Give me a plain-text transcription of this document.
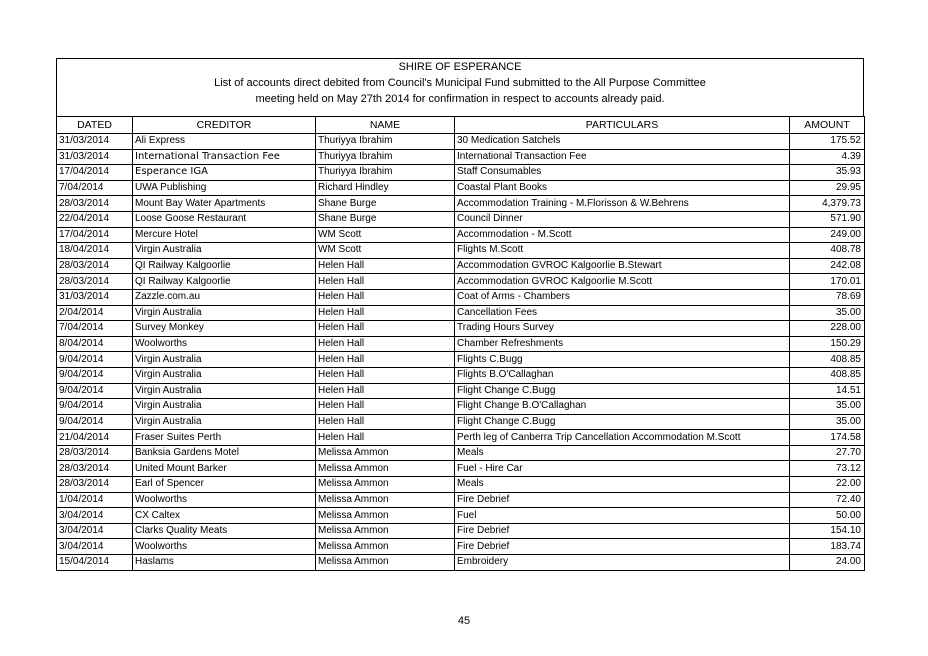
SHIRE OF ESPERANCE
List of accounts direct debited from Council's Municipal Fund submitted to the All Purpose Committee
meeting held on May 27th 2014 for confirmation in respect to accounts already paid.
DATED	CREDITOR	NAME	PARTICULARS	AMOUNT
31/03/2014	Ali Express	Thuriyya Ibrahim	30 Medication Satchels	175.52
31/03/2014	International Transaction Fee	Thuriyya Ibrahim	International Transaction Fee	4.39
17/04/2014	Esperance IGA	Thuriyya Ibrahim	Staff Consumables	35.93
7/04/2014	UWA Publishing	Richard Hindley	Coastal Plant Books	29.95
28/03/2014	Mount Bay Water Apartments	Shane Burge	Accommodation Training - M.Florisson & W.Behrens	4,379.73
22/04/2014	Loose Goose Restaurant	Shane Burge	Council Dinner	571.90
17/04/2014	Mercure Hotel	WM Scott	Accommodation - M.Scott	249.00
18/04/2014	Virgin Australia	WM Scott	Flights M.Scott	408.78
28/03/2014	QI Railway Kalgoorlie	Helen Hall	Accommodation GVROC Kalgoorlie B.Stewart	242.08
28/03/2014	QI Railway Kalgoorlie	Helen Hall	Accommodation GVROC Kalgoorlie M.Scott	170.01
31/03/2014	Zazzle.com.au	Helen Hall	Coat of Arms - Chambers	78.69
2/04/2014	Virgin Australia	Helen Hall	Cancellation Fees	35.00
7/04/2014	Survey Monkey	Helen Hall	Trading Hours Survey	228.00
8/04/2014	Woolworths	Helen Hall	Chamber Refreshments	150.29
9/04/2014	Virgin Australia	Helen Hall	Flights C.Bugg	408.85
9/04/2014	Virgin Australia	Helen Hall	Flights B.O'Callaghan	408.85
9/04/2014	Virgin Australia	Helen Hall	Flight Change C.Bugg	14.51
9/04/2014	Virgin Australia	Helen Hall	Flight Change B.O'Callaghan	35.00
9/04/2014	Virgin Australia	Helen Hall	Flight Change C.Bugg	35.00
21/04/2014	Fraser Suites Perth	Helen Hall	Perth leg of Canberra Trip Cancellation Accommodation M.Scott	174.58
28/03/2014	Banksia Gardens Motel	Melissa Ammon	Meals	27.70
28/03/2014	United Mount Barker	Melissa Ammon	Fuel - Hire Car	73.12
28/03/2014	Earl of Spencer	Melissa Ammon	Meals	22.00
1/04/2014	Woolworths	Melissa Ammon	Fire Debrief	72.40
3/04/2014	CX Caltex	Melissa Ammon	Fuel	50.00
3/04/2014	Clarks Quality Meats	Melissa Ammon	Fire Debrief	154.10
3/04/2014	Woolworths	Melissa Ammon	Fire Debrief	183.74
15/04/2014	Haslams	Melissa Ammon	Embroidery	24.00
45
